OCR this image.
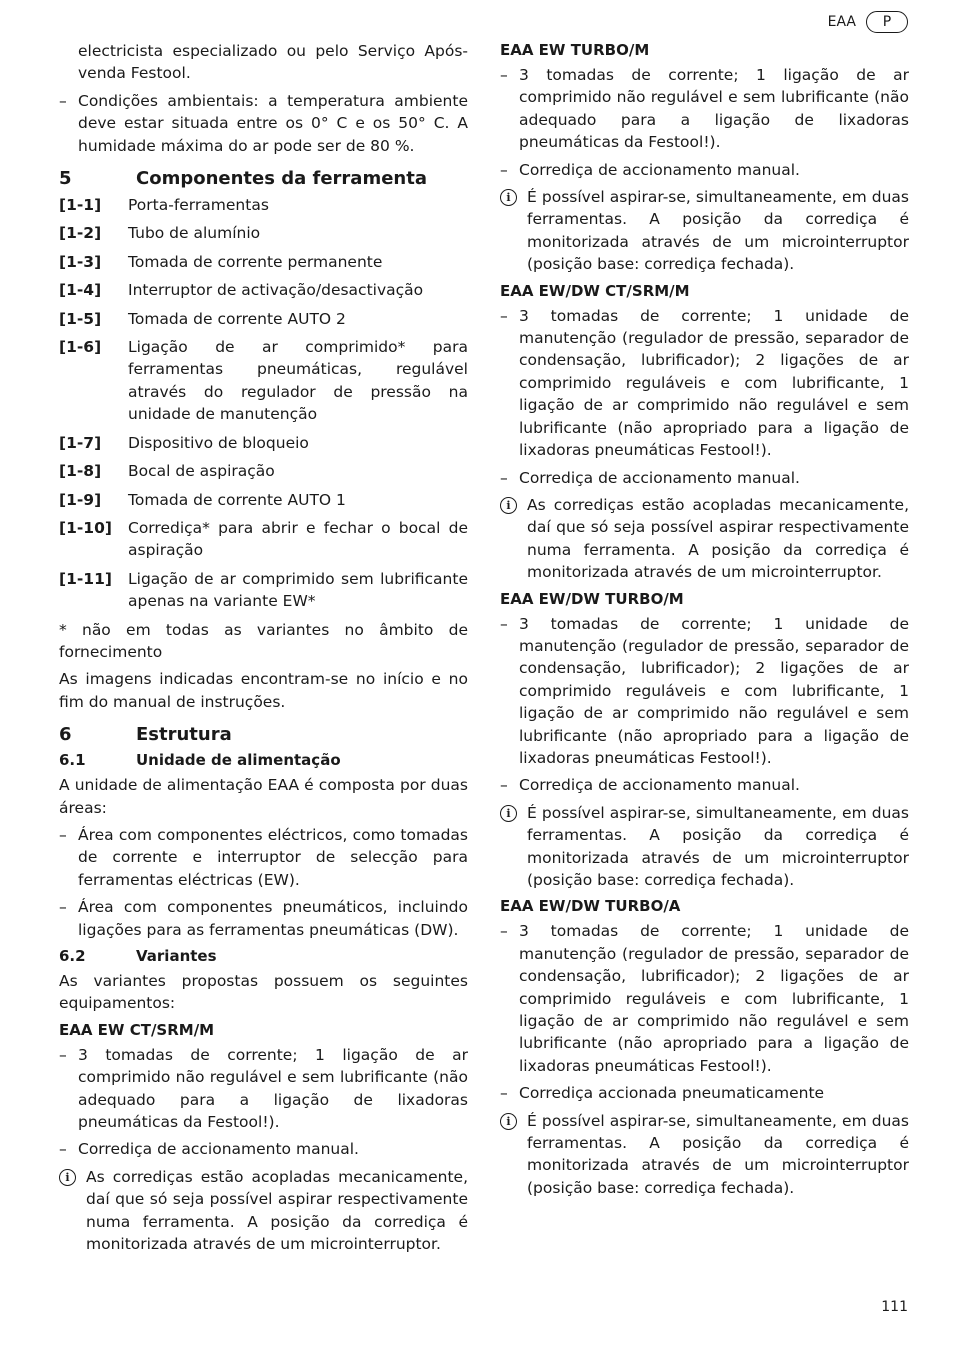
EAA	P

electricista especializado ou pelo Serviço Após-venda Festool.

– Condições ambientais: a temperatura ambiente deve estar situada entre os 0° C e os 50° C. A humidade máxima do ar pode ser de 80 %.
5	Componentes da ferramenta
[1-1]	Porta-ferramentas
[1-2]	Tubo de alumínio
[1-3]	Tomada de corrente permanente
[1-4]	Interruptor de activação/desactivação
[1-5]	Tomada de corrente AUTO 2
[1-6]	Ligação de ar comprimido* para ferramentas pneumáticas, regulável através do regulador de pressão na unidade de manutenção
[1-7]	Dispositivo de bloqueio
[1-8]	Bocal de aspiração
[1-9]	Tomada de corrente AUTO 1
[1-10]	Corrediça* para abrir e fechar o bocal de aspiração
[1-11]	Ligação de ar comprimido sem lubrificante apenas na variante EW*

* não em todas as variantes no âmbito de fornecimento

As imagens indicadas encontram-se no início e no fim do manual de instruções.

6	Estrutura
6.1	Unidade de alimentação

A unidade de alimentação EAA é composta por duas áreas:

– Área com componentes eléctricos, como tomadas de corrente e interruptor de selecção para ferramentas eléctricas (EW).
– Área com componentes pneumáticos, incluindo ligações para as ferramentas pneumáticas (DW).
6.2	Variantes

As variantes propostas possuem os seguintes equipamentos:

EAA EW CT/SRM/M
– 3 tomadas de corrente; 1 ligação de ar comprimido não regulável e sem lubrificante (não adequado para a ligação de lixadoras pneumáticas da Festool!).
– Corrediça de accionamento manual.
i	As corrediças estão acopladas mecanicamente, daí que só seja possível aspirar respectivamente numa ferramenta. A posição da corrediça é monitorizada através de um microinterruptor.
EAA EW TURBO/M
– 3 tomadas de corrente; 1 ligação de ar comprimido não regulável e sem lubrificante (não adequado para a ligação de lixadoras pneumáticas da Festool!).
– Corrediça de accionamento manual.
i	É possível aspirar-se, simultaneamente, em duas ferramentas. A posição da corrediça é monitorizada através de um microinterruptor (posição base: corrediça fechada).
EAA EW/DW CT/SRM/M
– 3 tomadas de corrente; 1 unidade de manutenção (regulador de pressão, separador de condensação, lubrificador); 2 ligações de ar comprimido reguláveis e com lubrificante, 1 ligação de ar comprimido não regulável e sem lubrificante (não apropriado para a ligação de lixadoras pneumáticas Festool!).
– Corrediça de accionamento manual.
i	As corrediças estão acopladas mecanicamente, daí que só seja possível aspirar respectivamente numa ferramenta. A posição da corrediça é monitorizada através de um microinterruptor.
EAA EW/DW TURBO/M
– 3 tomadas de corrente; 1 unidade de manutenção (regulador de pressão, separador de condensação, lubrificador); 2 ligações de ar comprimido reguláveis e com lubrificante, 1 ligação de ar comprimido não regulável e sem lubrificante (não apropriado para a ligação de lixadoras pneumáticas Festool!).
– Corrediça de accionamento manual.
i	É possível aspirar-se, simultaneamente, em duas ferramentas. A posição da corrediça é monitorizada através de um microinterruptor (posição base: corrediça fechada).
EAA EW/DW TURBO/A
– 3 tomadas de corrente; 1 unidade de manutenção (regulador de pressão, separador de condensação, lubrificador); 2 ligações de ar comprimido reguláveis e com lubrificante, 1 ligação de ar comprimido não regulável e sem lubrificante (não apropriado para a ligação de lixadoras pneumáticas Festool!).
– Corrediça accionada pneumaticamente
i	É possível aspirar-se, simultaneamente, em duas ferramentas. A posição da corrediça é monitorizada através de um microinterruptor (posição base: corrediça fechada).
111
